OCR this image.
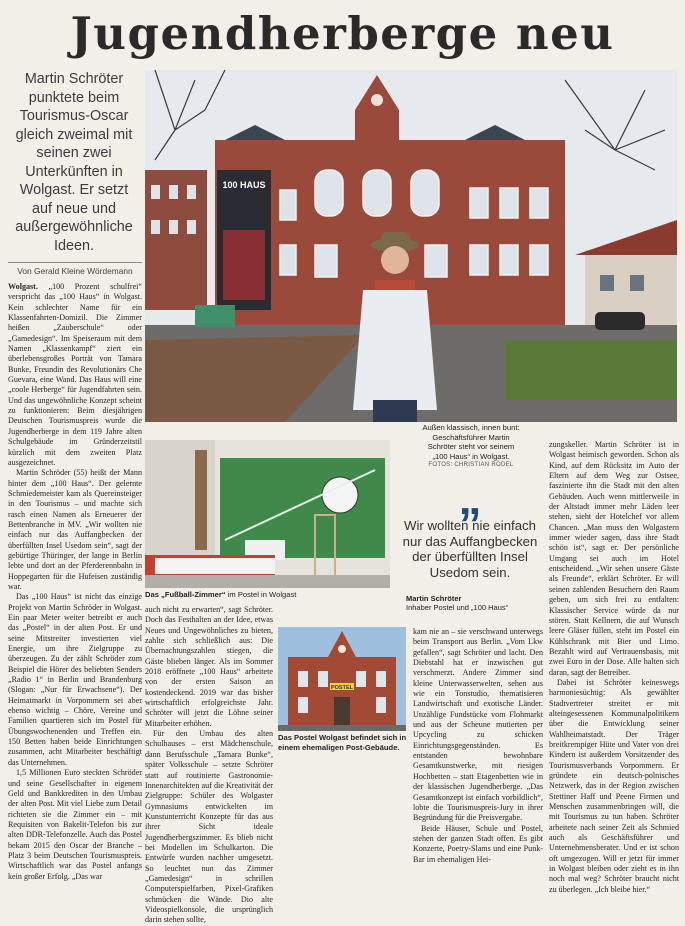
Jugendherberge neu
Martin Schröter punktete beim Tourismus-Oscar gleich zweimal mit seinen zwei Unterkünften in Wolgast. Er setzt auf neue und außergewöhnliche Ideen.
Von Gerald Kleine Wördemann
100 HAUS
Außen klassisch, innen bunt:
Geschäftsführer Martin
Schröter steht vor seinem
„100 Haus“ in Wolgast.
FOTOS: CHRISTIAN RÖDEL

Wolgast. „100 Prozent schulfrei“ verspricht das „100 Haus“ in Wolgast. Kein schlechter Name für ein Klassenfahrten-Domizil. Die Zimmer heißen „Zauberschule“ oder „Gamedesign“. Im Speiseraum mit dem Namen „Klassenkampf“ ziert ein überlebensgroßes Porträt von Tamara Bunke, Freundin des Revolutionärs Che Guevara, eine Wand. Das Haus will eine „coole Herberge“ für Jugendfahrten sein. Und das ungewöhnliche Konzept scheint zu funktionieren: Beim diesjährigen Deutschen Tourismuspreis wurde die Jugendherberge in dem 119 Jahre alten Schulgebäude im Gründerzeitstil kürzlich mit dem zweiten Platz ausgezeichnet.

Martin Schröder (55) heißt der Mann hinter dem „100 Haus“. Der gelernte Schmiedemeister kam als Quereinsteiger in den Tourismus – und machte sich rasch einen Namen als Erneuerer der Bettenbranche in MV. „Wir wollten nie einfach nur das Auffangbecken der überfüllten Insel Usedom sein“, sagt der gebürtige Thüringer, der lange in Berlin lebte und dort an der Pferderennbahn in Hoppegarten für die Hufeisen zuständig war.

Das „100 Haus“ ist nicht das einzige Projekt von Martin Schröder in Wolgast. Ein paar Meter weiter betreibt er auch das „Postel“ in der alten Post. Er und seine Mitstreiter investierten viel Energie, um ihre Zielgruppe zu überzeugen. Zu der zählt Schröder zum Beispiel die Hörer des beliebten Senders „Radio 1“ in Berlin und Brandenburg (Slogan: „Nur für Erwachsene“). Der Heimatmarkt in Vorpommern sei aber ebenso wichtig – Chöre, Vereine und Familien quartieren sich im Postel für Übungswochenenden und Treffen ein. 150 Betten haben beide Einrichtungen zusammen, acht Mitarbeiter beschäftigt das Unternehmen.

1,5 Millionen Euro steckten Schröder und seine Gesellschafter in eigenem Geld und Bankkrediten in den Umbau der alten Post. Mit viel Liebe zum Detail richteten sie die Zimmer ein – mit Requisiten von Bakelit-Telefon bis zur alten DDR-Telefonzelle. Auch das Postel bekam 2015 den Oscar der Branche – Platz 3 beim Deutschen Tourismuspreis. Wirtschaftlich war das Postel anfangs kein großer Erfolg. „Das war

Das „Fußball-Zimmer“ im Postel in Wolgast
„
Wir wollten nie einfach nur das Auffangbecken der überfüllten Insel Usedom sein.
Martin Schröter
Inhaber Postel und „100 Haus“

auch nicht zu erwarten“, sagt Schröter. Doch das Festhalten an der Idee, etwas Neues und Ungewöhnliches zu bieten, zahlte sich schließlich aus: Die Übernachtungszahlen stiegen, die Gäste blieben länger. Als im Sommer 2018 eröffnete „100 Haus“ arbeitete von der ersten Saison an kostendeckend. 2019 war das bisher wirtschaftlich erfolgreichste Jahr. Schröter will jetzt die Löhne seiner Mitarbeiter erhöhen.

Für den Umbau des alten Schulhauses – erst Mädchenschule, dann Berufsschule „Tamara Bunke“, später Volksschule – setzte Schröter statt auf routinierte Gastronomie-Innenarchitekten auf die Kreativität der Zielgruppe: Schüler des Wolgaster Gymnasiums entwickelten im Kunstunterricht Konzepte für das aus ihrer Sicht ideale Jugendherbergszimmer. Es blieb nicht bei Modellen im Schulkarton. Die Entwürfe wurden nachher umgesetzt. So leuchtet nun das Zimmer „Gamedesign“ in schrillen Computerspielfarben, Pixel-Grafiken schmücken die Wände. Dio alte Videospielkonsole, die ursprünglich darin stehen sollte,

POSTEL
Das Postel Wolgast befindet sich in
einem ehemaligen Post-Gebäude.

kam nie an – sie verschwand unterwegs beim Transport aus Berlin. „Vom Lkw gefallen“, sagt Schröter und lacht. Den Diebstahl hat er inzwischen gut verschmerzt. Andere Zimmer sind kleine Unterwasserwelten, sehen aus wie ein Tonstudio, thematisieren Landwirtschaft und exotische Länder. Unzählige Fundstücke vom Flohmarkt und aus der Scheune mutierten per Upcycling zu schicken Einrichtungsgegenständen. Es entstanden bewohnbare Gesamtkunstwerke, mit riesigen Hochbetten – statt Etagenbetten wie in der klassischen Jugendherberge. „Das Gesamtkonzept ist einfach vorbildlich“, lobte die Tourismuspreis-Jury in ihrer Begründung für die Preisvergabe.

Beide Häuser, Schule und Postel, stehen der ganzen Stadt offen. Es gibt Konzerte, Poetry-Slams und eine Punk-Bar im ehemaligen Hei-

zungskeller. Martin Schröter ist in Wolgast heimisch geworden. Schon als Kind, auf dem Rücksitz im Auto der Eltern auf dem Weg zur Ostsee, faszinierte ihn die Stadt mit den alten Gebäuden. Auch wenn mittlerweile in der Altstadt immer mehr Läden leer stehen, sieht der Hotelchef vor allem Chancen. „Man muss den Wolgastern immer wieder sagen, dass ihre Stadt schön ist“, sagt er. Der persönliche Umgang sei auch im Hotel entscheidend. „Wir sehen unsere Gäste als Freunde“, erklärt Schröter. Er will seinen zahlenden Besuchern den Raum geben, um sich frei zu entfalten: Klassischer Service würde da nur stören. Statt Kellnern, die auf Wunsch leere Gläser füllen, steht im Postel ein Kühlschrank mit Bier und Limo. Bezahlt wird auf Vertrauensbasis, mit zwei Euro in der Dose. Alle halten sich daran, sagt der Betreiber.

Dabei ist Schröter keineswegs harmoniesüchtig: Als gewählter Stadtvertreter streitet er mit alteingesessenen Kommunalpolitikern über die Entwicklung seiner Wahlheimatstadt. Der Träger breitkrempiger Hüte und Vater von drei Kindern ist außerdem Vorsitzender des Tourismusverbands Vorpommern. Er gründete ein deutsch-polnisches Netzwerk, das in der Region zwischen Stettiner Haff und Peene Firmen und Menschen zusammenbringen will, die mit Tourismus zu tun haben. Schröter arbeitete nach seiner Zeit als Schmied auch als Geschäftsführer und Unternehmensberater. Und er ist schon oft umgezogen. Will er jetzt für immer in Wolgast bleiben oder zieht es in ihn noch mal weg? Schröter braucht nicht zu überlegen. „Ich bleibe hier.“
